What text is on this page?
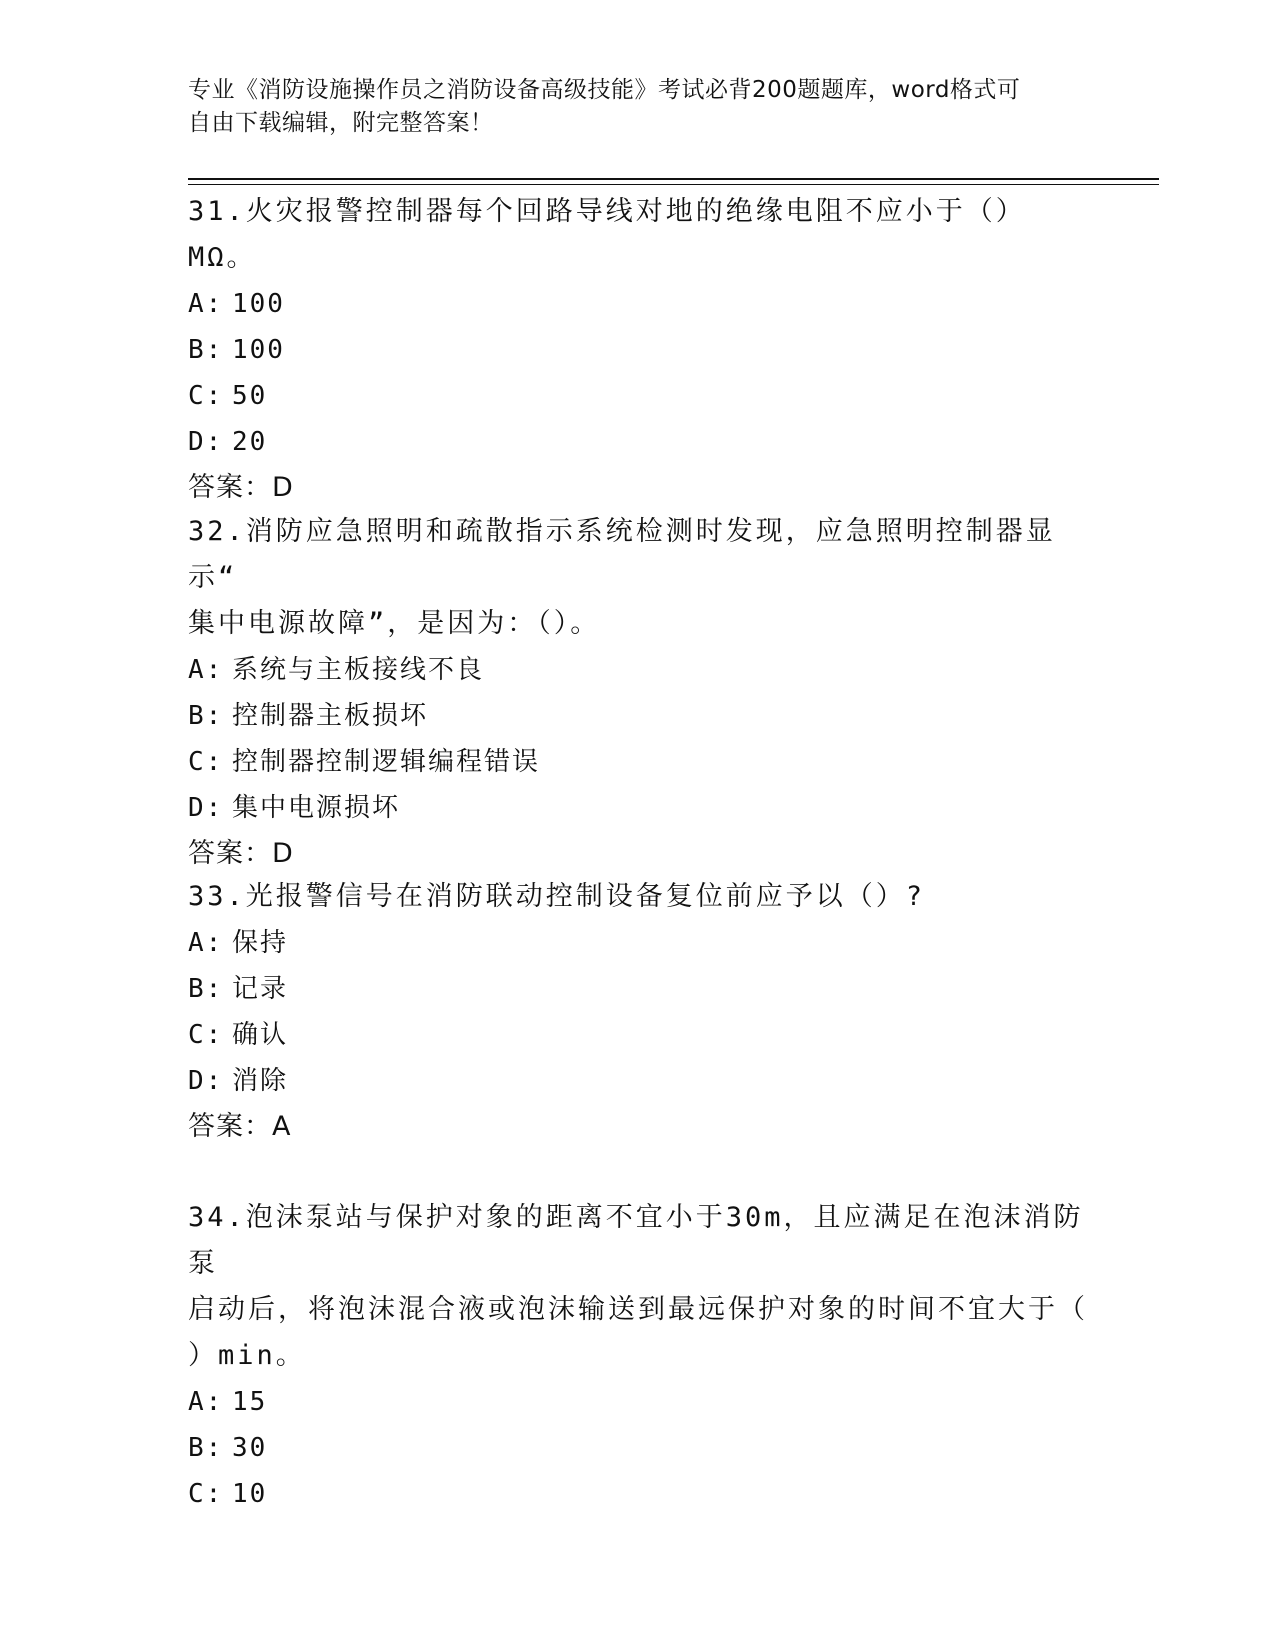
专业《消防设施操作员之消防设备高级技能》考试必背200题题库，word格式可
自由下载编辑，附完整答案！

31.火灾报警控制器每个回路导线对地的绝缘电阻不应小于（）MΩ。

A: 100

B: 100

C: 50

D: 20

答案：D

32.消防应急照明和疏散指示系统检测时发现，应急照明控制器显示“

集中电源故障”，是因为：（）。

A: 系统与主板接线不良

B: 控制器主板损坏

C: 控制器控制逻辑编程错误

D: 集中电源损坏

答案：D

33.光报警信号在消防联动控制设备复位前应予以（）?

A: 保持

B: 记录

C: 确认

D: 消除

答案：A

34.泡沫泵站与保护对象的距离不宜小于30m，且应满足在泡沫消防泵

启动后，将泡沫混合液或泡沫输送到最远保护对象的时间不宜大于（

）min。

A: 15

B: 30

C: 10
